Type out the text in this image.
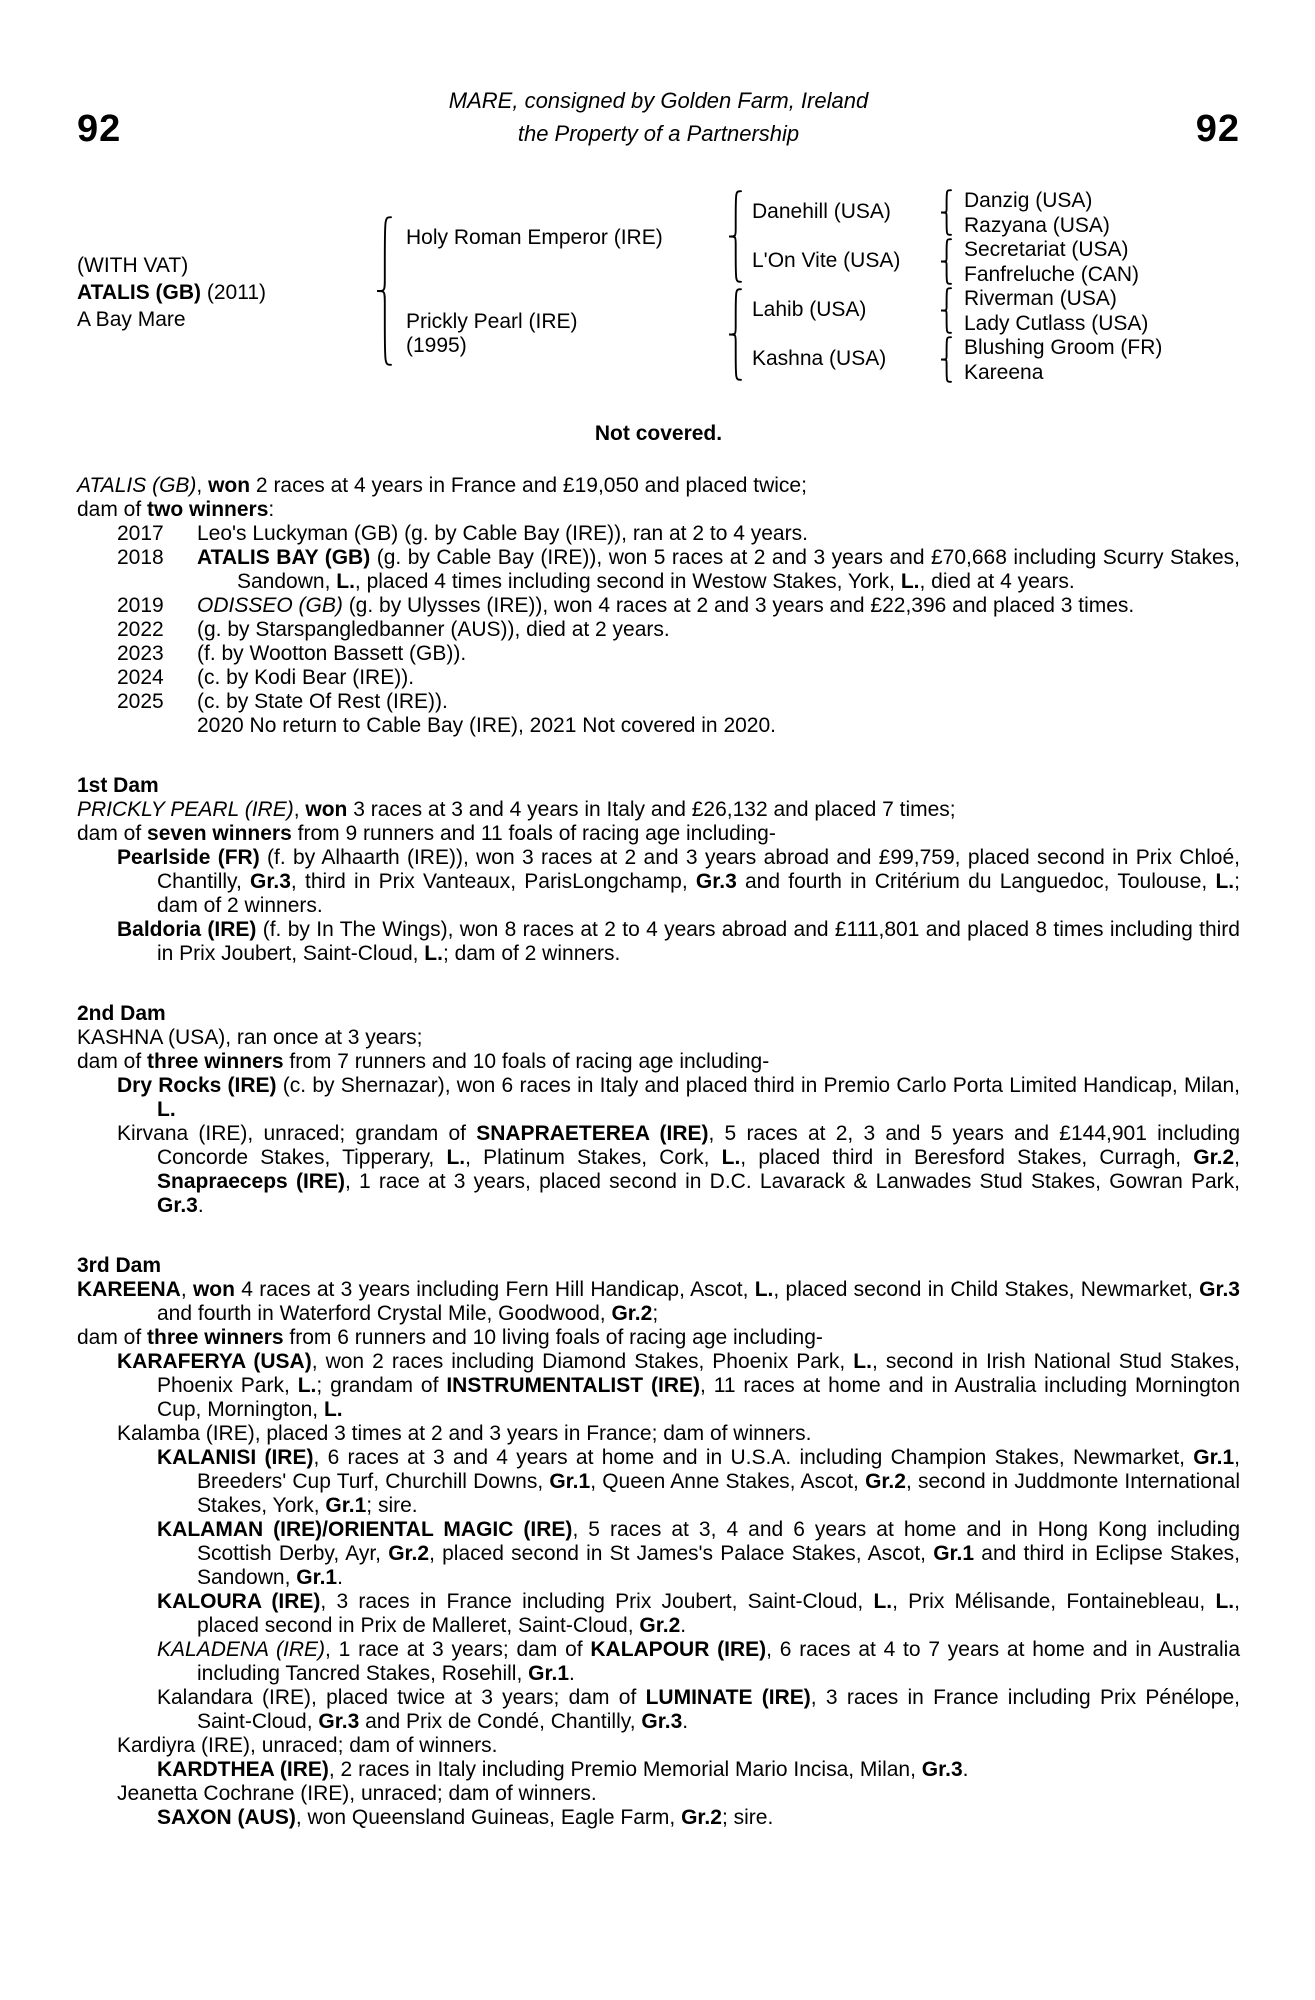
92	92
MARE, consigned by Golden Farm, Ireland
the Property of a Partnership
(WITH VAT)
ATALIS (GB) (2011)
A Bay Mare
Holy Roman Emperor (IRE)
Prickly Pearl (IRE)
(1995)
Danehill (USA)
L'On Vite (USA)
Lahib (USA)
Kashna (USA)
Danzig (USA)
Razyana (USA)
Secretariat (USA)
Fanfreluche (CAN)
Riverman (USA)
Lady Cutlass (USA)
Blushing Groom (FR)
Kareena
Not covered.
ATALIS (GB), won 2 races at 4 years in France and £19,050 and placed twice;
dam of two winners:
2017 Leo's Luckyman (GB) (g. by Cable Bay (IRE)), ran at 2 to 4 years.
2018 ATALIS BAY (GB) (g. by Cable Bay (IRE)), won 5 races at 2 and 3 years and £70,668 including Scurry Stakes, Sandown, L., placed 4 times including second in Westow Stakes, York, L., died at 4 years.
2019 ODISSEO (GB) (g. by Ulysses (IRE)), won 4 races at 2 and 3 years and £22,396 and placed 3 times.
2022 (g. by Starspangledbanner (AUS)), died at 2 years.
2023 (f. by Wootton Bassett (GB)).
2024 (c. by Kodi Bear (IRE)).
2025 (c. by State Of Rest (IRE)).
2020 No return to Cable Bay (IRE), 2021 Not covered in 2020.
1st Dam
PRICKLY PEARL (IRE), won 3 races at 3 and 4 years in Italy and £26,132 and placed 7 times;
dam of seven winners from 9 runners and 11 foals of racing age including-
Pearlside (FR) (f. by Alhaarth (IRE)), won 3 races at 2 and 3 years abroad and £99,759, placed second in Prix Chloé, Chantilly, Gr.3, third in Prix Vanteaux, ParisLongchamp, Gr.3 and fourth in Critérium du Languedoc, Toulouse, L.; dam of 2 winners.
Baldoria (IRE) (f. by In The Wings), won 8 races at 2 to 4 years abroad and £111,801 and placed 8 times including third in Prix Joubert, Saint-Cloud, L.; dam of 2 winners.
2nd Dam
KASHNA (USA), ran once at 3 years;
dam of three winners from 7 runners and 10 foals of racing age including-
Dry Rocks (IRE) (c. by Shernazar), won 6 races in Italy and placed third in Premio Carlo Porta Limited Handicap, Milan, L.
Kirvana (IRE), unraced; grandam of SNAPRAETEREA (IRE), 5 races at 2, 3 and 5 years and £144,901 including Concorde Stakes, Tipperary, L., Platinum Stakes, Cork, L., placed third in Beresford Stakes, Curragh, Gr.2, Snapraeceps (IRE), 1 race at 3 years, placed second in D.C. Lavarack & Lanwades Stud Stakes, Gowran Park, Gr.3.
3rd Dam
KAREENA, won 4 races at 3 years including Fern Hill Handicap, Ascot, L., placed second in Child Stakes, Newmarket, Gr.3 and fourth in Waterford Crystal Mile, Goodwood, Gr.2;
dam of three winners from 6 runners and 10 living foals of racing age including-
KARAFERYA (USA), won 2 races including Diamond Stakes, Phoenix Park, L., second in Irish National Stud Stakes, Phoenix Park, L.; grandam of INSTRUMENTALIST (IRE), 11 races at home and in Australia including Mornington Cup, Mornington, L.
Kalamba (IRE), placed 3 times at 2 and 3 years in France; dam of winners.
KALANISI (IRE), 6 races at 3 and 4 years at home and in U.S.A. including Champion Stakes, Newmarket, Gr.1, Breeders' Cup Turf, Churchill Downs, Gr.1, Queen Anne Stakes, Ascot, Gr.2, second in Juddmonte International Stakes, York, Gr.1; sire.
KALAMAN (IRE)/ORIENTAL MAGIC (IRE), 5 races at 3, 4 and 6 years at home and in Hong Kong including Scottish Derby, Ayr, Gr.2, placed second in St James's Palace Stakes, Ascot, Gr.1 and third in Eclipse Stakes, Sandown, Gr.1.
KALOURA (IRE), 3 races in France including Prix Joubert, Saint-Cloud, L., Prix Mélisande, Fontainebleau, L., placed second in Prix de Malleret, Saint-Cloud, Gr.2.
KALADENA (IRE), 1 race at 3 years; dam of KALAPOUR (IRE), 6 races at 4 to 7 years at home and in Australia including Tancred Stakes, Rosehill, Gr.1.
Kalandara (IRE), placed twice at 3 years; dam of LUMINATE (IRE), 3 races in France including Prix Pénélope, Saint-Cloud, Gr.3 and Prix de Condé, Chantilly, Gr.3.
Kardiyra (IRE), unraced; dam of winners.
KARDTHEA (IRE), 2 races in Italy including Premio Memorial Mario Incisa, Milan, Gr.3.
Jeanetta Cochrane (IRE), unraced; dam of winners.
SAXON (AUS), won Queensland Guineas, Eagle Farm, Gr.2; sire.
